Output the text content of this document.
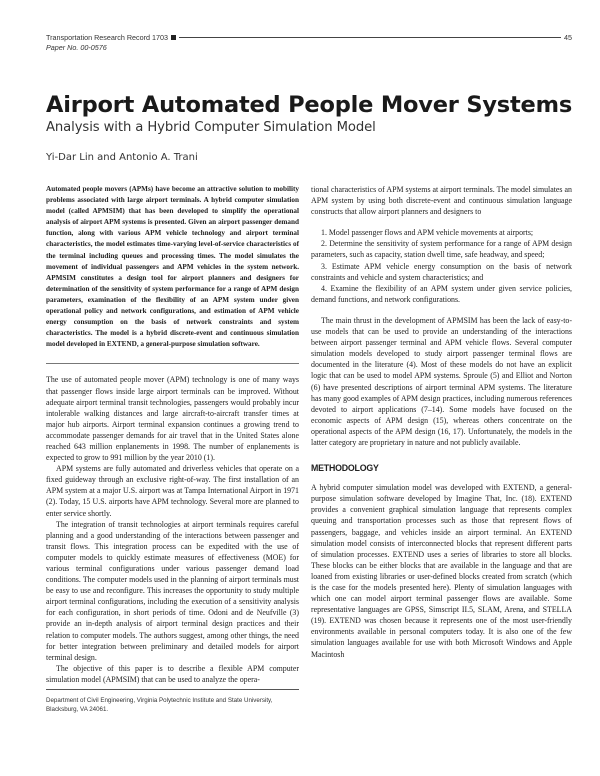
Transportation Research Record 1703	45
Paper No. 00-0576
Airport Automated People Mover Systems
Analysis with a Hybrid Computer Simulation Model
Yi-Dar Lin and Antonio A. Trani

Automated people movers (APMs) have become an attractive solution to mobility problems associated with large airport terminals. A hybrid computer simulation model (called APMSIM) that has been developed to simplify the operational analysis of airport APM systems is presented. Given an airport passenger demand function, along with various APM vehicle technology and airport terminal characteristics, the model estimates time-varying level-of-service characteristics of the terminal including queues and processing times. The model simulates the movement of individual passengers and APM vehicles in the system network. APMSIM constitutes a design tool for airport planners and designers for determination of the sensitivity of system performance for a range of APM design parameters, examination of the flexibility of an APM system under given operational policy and network configurations, and estimation of APM vehicle energy consumption on the basis of network constraints and system characteristics. The model is a hybrid discrete-event and continuous simulation model developed in EXTEND, a general-purpose simulation software.

The use of automated people mover (APM) technology is one of many ways that passenger flows inside large airport terminals can be improved. Without adequate airport terminal transit technologies, passengers would probably incur intolerable walking distances and large aircraft-to-aircraft transfer times at major hub airports. Airport terminal expansion continues a growing trend to accommodate passenger demands for air travel that in the United States alone reached 643 million enplanements in 1998. The number of enplanements is expected to grow to 991 million by the year 2010 (1).

APM systems are fully automated and driverless vehicles that operate on a fixed guideway through an exclusive right-of-way. The first installation of an APM system at a major U.S. airport was at Tampa International Airport in 1971 (2). Today, 15 U.S. airports have APM technology. Several more are planned to enter service shortly.

The integration of transit technologies at airport terminals requires careful planning and a good understanding of the interactions between passenger and transit flows. This integration process can be expedited with the use of computer models to quickly estimate measures of effectiveness (MOE) for various terminal configurations under various passenger demand load conditions. The computer models used in the planning of airport terminals must be easy to use and reconfigure. This increases the opportunity to study multiple airport terminal configurations, including the execution of a sensitivity analysis for each configuration, in short periods of time. Odoni and de Neufville (3) provide an in-depth analysis of airport terminal design practices and their relation to computer models. The authors suggest, among other things, the need for better integration between preliminary and detailed models for airport terminal design.

The objective of this paper is to describe a flexible APM computer simulation model (APMSIM) that can be used to analyze the opera-

Department of Civil Engineering, Virginia Polytechnic Institute and State University, Blacksburg, VA 24061.

tional characteristics of APM systems at airport terminals. The model simulates an APM system by using both discrete-event and continuous simulation language constructs that allow airport planners and designers to

1. Model passenger flows and APM vehicle movements at airports;
2. Determine the sensitivity of system performance for a range of APM design parameters, such as capacity, station dwell time, safe headway, and speed;
3. Estimate APM vehicle energy consumption on the basis of network constraints and vehicle and system characteristics; and
4. Examine the flexibility of an APM system under given service policies, demand functions, and network configurations.

The main thrust in the development of APMSIM has been the lack of easy-to-use models that can be used to provide an understanding of the interactions between airport passenger terminal and APM vehicle flows. Several computer simulation models developed to study airport passenger terminal flows are documented in the literature (4). Most of these models do not have an explicit logic that can be used to model APM systems. Sproule (5) and Elliot and Norton (6) have presented descriptions of airport terminal APM systems. The literature has many good examples of APM design practices, including numerous references devoted to airport applications (7–14). Some models have focused on the economic aspects of APM design (15), whereas others concentrate on the operational aspects of the APM design (16, 17). Unfortunately, the models in the latter category are proprietary in nature and not publicly available.

METHODOLOGY

A hybrid computer simulation model was developed with EXTEND, a general-purpose simulation software developed by Imagine That, Inc. (18). EXTEND provides a convenient graphical simulation language that represents complex queuing and transportation processes such as those that represent flows of passengers, baggage, and vehicles inside an airport terminal. An EXTEND simulation model consists of interconnected blocks that represent different parts of simulation processes. EXTEND uses a series of libraries to store all blocks. These blocks can be either blocks that are available in the language and that are loaned from existing libraries or user-defined blocks created from scratch (which is the case for the models presented here). Plenty of simulation languages with which one can model airport terminal passenger flows are available. Some representative languages are GPSS, Simscript II.5, SLAM, Arena, and STELLA (19). EXTEND was chosen because it represents one of the most user-friendly environments available in personal computers today. It is also one of the few simulation languages available for use with both Microsoft Windows and Apple Macintosh
